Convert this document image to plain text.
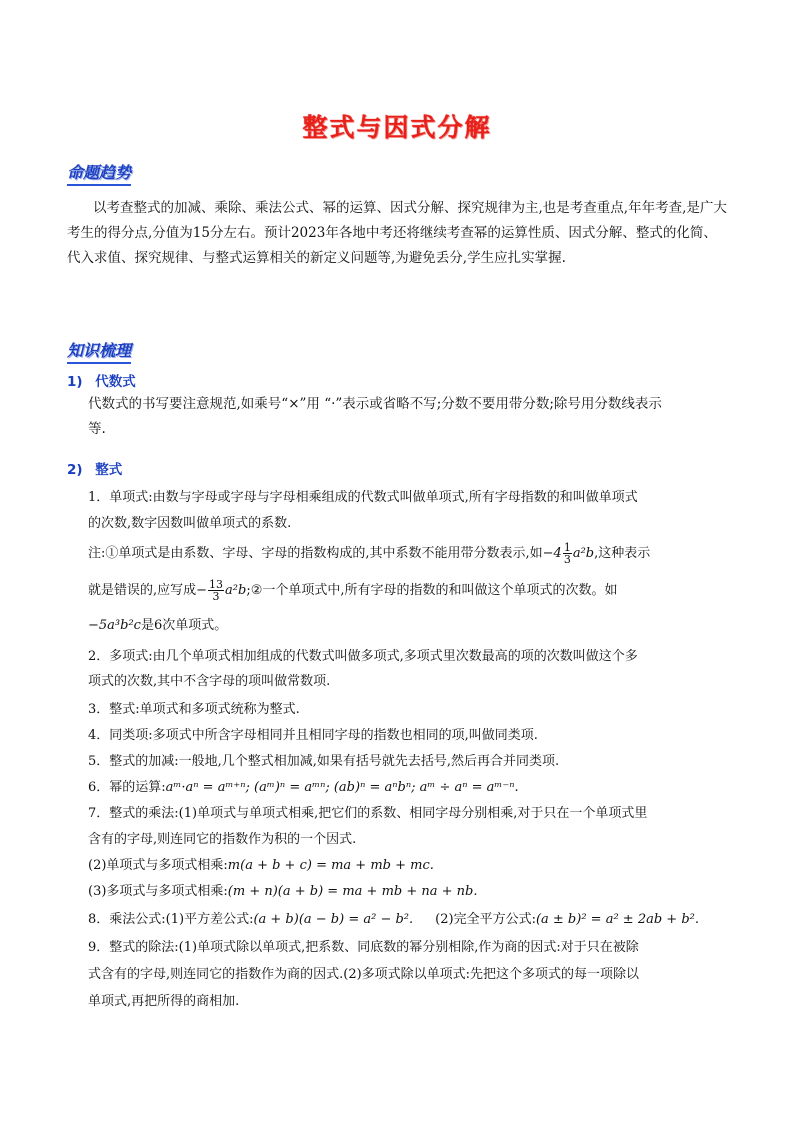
整式与因式分解
命题趋势
以考查整式的加减、乘除、乘法公式、幂的运算、因式分解、探究规律为主,也是考查重点,年年考查,是广大
考生的得分点,分值为15分左右。预计2023年各地中考还将继续考查幂的运算性质、因式分解、整式的化简、
代入求值、探究规律、与整式运算相关的新定义问题等,为避免丢分,学生应扎实掌握.
知识梳理
1) 代数式
代数式的书写要注意规范,如乘号“×”用 “·”表示或省略不写;分数不要用带分数;除号用分数线表示
等.
2) 整式
1．单项式:由数与字母或字母与字母相乘组成的代数式叫做单项式,所有字母指数的和叫做单项式
的次数,数字因数叫做单项式的系数.
注:①单项式是由系数、字母、字母的指数构成的,其中系数不能用带分数表示,如$-4 \frac{1}{3} a^2b$,这种表示
就是错误的,应写成− $\frac{13}{3}$ a²b;②一个单项式中,所有字母的指数的和叫做这个单项式的次数。如
−5a³b²c是6次单项式。
2．多项式:由几个单项式相加组成的代数式叫做多项式,多项式里次数最高的项的次数叫做这个多
项式的次数,其中不含字母的项叫做常数项.
3．整式:单项式和多项式统称为整式.
4．同类项:多项式中所含字母相同并且相同字母的指数也相同的项,叫做同类项.
5．整式的加减:一般地,几个整式相加减,如果有括号就先去括号,然后再合并同类项.
6．幂的运算:aᵐ·aⁿ = aᵐ⁺ⁿ; (aᵐ)ⁿ = aᵐⁿ; (ab)ⁿ = aⁿbⁿ; aᵐ ÷ aⁿ = aᵐ⁻ⁿ.
7．整式的乘法:(1)单项式与单项式相乘,把它们的系数、相同字母分别相乘,对于只在一个单项式里
含有的字母,则连同它的指数作为积的一个因式.
(2)单项式与多项式相乘:m(a + b + c) = ma + mb + mc.
(3)多项式与多项式相乘:(m + n)(a + b) = ma + mb + na + nb.
8．乘法公式:(1)平方差公式:(a + b)(a − b) = a² − b². (2)完全平方公式:(a ± b)² = a² ± 2ab + b².
9．整式的除法:(1)单项式除以单项式,把系数、同底数的幂分别相除,作为商的因式:对于只在被除
式含有的字母,则连同它的指数作为商的因式.(2)多项式除以单项式:先把这个多项式的每一项除以
单项式,再把所得的商相加.
